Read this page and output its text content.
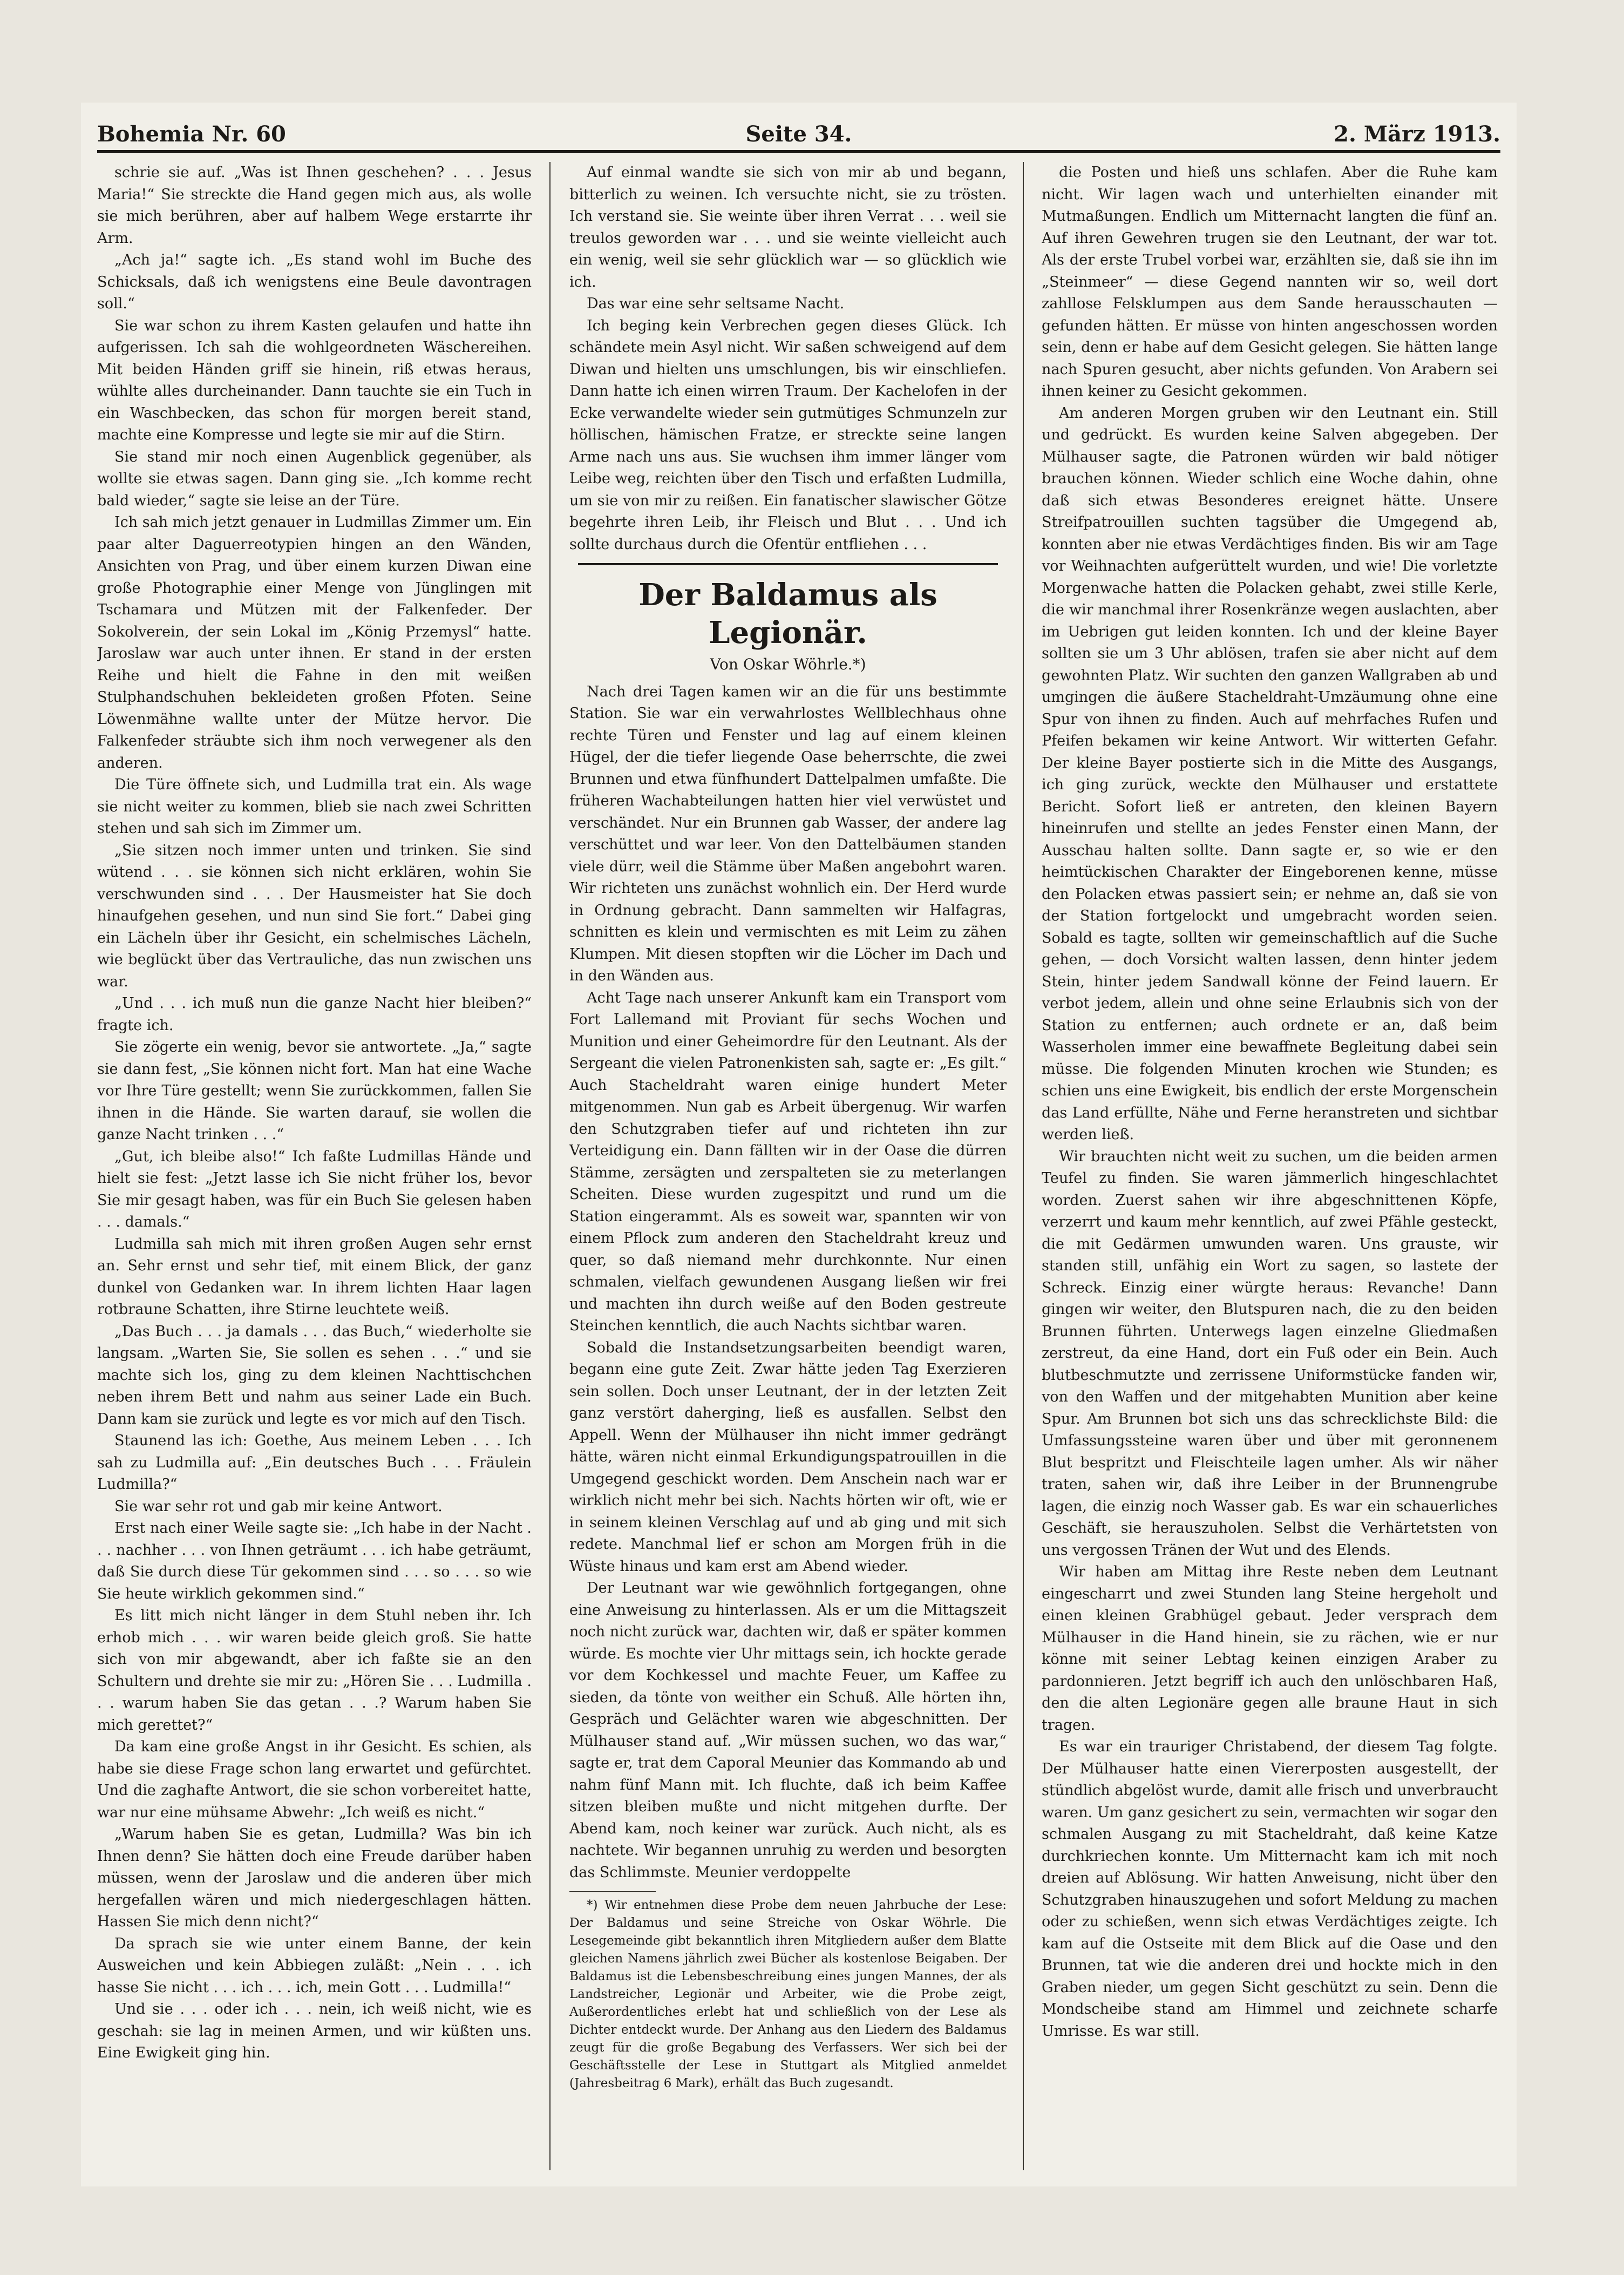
Bohemia Nr. 60	Seite 34.	2. März 1913.

schrie sie auf. „Was ist Ihnen geschehen? . . . Jesus Maria!“ Sie streckte die Hand gegen mich aus, als wolle sie mich berühren, aber auf halbem Wege erstarrte ihr Arm.

„Ach ja!“ sagte ich. „Es stand wohl im Buche des Schicksals, daß ich wenigstens eine Beule davontragen soll.“

Sie war schon zu ihrem Kasten gelaufen und hatte ihn aufgerissen. Ich sah die wohlgeordneten Wäschereihen. Mit beiden Händen griff sie hinein, riß etwas heraus, wühlte alles durcheinander. Dann tauchte sie ein Tuch in ein Waschbecken, das schon für morgen bereit stand, machte eine Kompresse und legte sie mir auf die Stirn.

Sie stand mir noch einen Augenblick gegenüber, als wollte sie etwas sagen. Dann ging sie. „Ich komme recht bald wieder,“ sagte sie leise an der Türe.

Ich sah mich jetzt genauer in Ludmillas Zimmer um. Ein paar alter Daguerreotypien hingen an den Wänden, Ansichten von Prag, und über einem kurzen Diwan eine große Photographie einer Menge von Jünglingen mit Tschamara und Mützen mit der Falkenfeder. Der Sokolverein, der sein Lokal im „König Przemysl“ hatte. Jaroslaw war auch unter ihnen. Er stand in der ersten Reihe und hielt die Fahne in den mit weißen Stulphandschuhen bekleideten großen Pfoten. Seine Löwenmähne wallte unter der Mütze hervor. Die Falkenfeder sträubte sich ihm noch verwegener als den anderen.

Die Türe öffnete sich, und Ludmilla trat ein. Als wage sie nicht weiter zu kommen, blieb sie nach zwei Schritten stehen und sah sich im Zimmer um.

„Sie sitzen noch immer unten und trinken. Sie sind wütend . . . sie können sich nicht erklären, wohin Sie verschwunden sind . . . Der Hausmeister hat Sie doch hinaufgehen gesehen, und nun sind Sie fort.“ Dabei ging ein Lächeln über ihr Gesicht, ein schelmisches Lächeln, wie beglückt über das Vertrauliche, das nun zwischen uns war.

„Und . . . ich muß nun die ganze Nacht hier bleiben?“ fragte ich.

Sie zögerte ein wenig, bevor sie antwortete. „Ja,“ sagte sie dann fest, „Sie können nicht fort. Man hat eine Wache vor Ihre Türe gestellt; wenn Sie zurückkommen, fallen Sie ihnen in die Hände. Sie warten darauf, sie wollen die ganze Nacht trinken . . .“

„Gut, ich bleibe also!“ Ich faßte Ludmillas Hände und hielt sie fest: „Jetzt lasse ich Sie nicht früher los, bevor Sie mir gesagt haben, was für ein Buch Sie gelesen haben . . . damals.“

Ludmilla sah mich mit ihren großen Augen sehr ernst an. Sehr ernst und sehr tief, mit einem Blick, der ganz dunkel von Gedanken war. In ihrem lichten Haar lagen rotbraune Schatten, ihre Stirne leuchtete weiß.

„Das Buch . . . ja damals . . . das Buch,“ wiederholte sie langsam. „Warten Sie, Sie sollen es sehen . . .“ und sie machte sich los, ging zu dem kleinen Nachttischchen neben ihrem Bett und nahm aus seiner Lade ein Buch. Dann kam sie zurück und legte es vor mich auf den Tisch.

Staunend las ich: Goethe, Aus meinem Leben . . . Ich sah zu Ludmilla auf: „Ein deutsches Buch . . . Fräulein Ludmilla?“

Sie war sehr rot und gab mir keine Antwort.

Erst nach einer Weile sagte sie: „Ich habe in der Nacht . . . nachher . . . von Ihnen geträumt . . . ich habe geträumt, daß Sie durch diese Tür gekommen sind . . . so . . . so wie Sie heute wirklich gekommen sind.“

Es litt mich nicht länger in dem Stuhl neben ihr. Ich erhob mich . . . wir waren beide gleich groß. Sie hatte sich von mir abgewandt, aber ich faßte sie an den Schultern und drehte sie mir zu: „Hören Sie . . . Ludmilla . . . warum haben Sie das getan . . .? Warum haben Sie mich gerettet?“

Da kam eine große Angst in ihr Gesicht. Es schien, als habe sie diese Frage schon lang erwartet und gefürchtet. Und die zaghafte Antwort, die sie schon vorbereitet hatte, war nur eine mühsame Abwehr: „Ich weiß es nicht.“

„Warum haben Sie es getan, Ludmilla? Was bin ich Ihnen denn? Sie hätten doch eine Freude darüber haben müssen, wenn der Jaroslaw und die anderen über mich hergefallen wären und mich niedergeschlagen hätten. Hassen Sie mich denn nicht?“

Da sprach sie wie unter einem Banne, der kein Ausweichen und kein Abbiegen zuläßt: „Nein . . . ich hasse Sie nicht . . . ich . . . ich, mein Gott . . . Ludmilla!“

Und sie . . . oder ich . . . nein, ich weiß nicht, wie es geschah: sie lag in meinen Armen, und wir küßten uns. Eine Ewigkeit ging hin.

Auf einmal wandte sie sich von mir ab und begann, bitterlich zu weinen. Ich versuchte nicht, sie zu trösten. Ich verstand sie. Sie weinte über ihren Verrat . . . weil sie treulos geworden war . . . und sie weinte vielleicht auch ein wenig, weil sie sehr glücklich war — so glücklich wie ich.

Das war eine sehr seltsame Nacht.

Ich beging kein Verbrechen gegen dieses Glück. Ich schändete mein Asyl nicht. Wir saßen schweigend auf dem Diwan und hielten uns umschlungen, bis wir einschliefen. Dann hatte ich einen wirren Traum. Der Kachelofen in der Ecke verwandelte wieder sein gutmütiges Schmunzeln zur höllischen, hämischen Fratze, er streckte seine langen Arme nach uns aus. Sie wuchsen ihm immer länger vom Leibe weg, reichten über den Tisch und erfaßten Ludmilla, um sie von mir zu reißen. Ein fanatischer slawischer Götze begehrte ihren Leib, ihr Fleisch und Blut . . . Und ich sollte durchaus durch die Ofentür entfliehen . . .

Der Baldamus als Legionär.
Von Oskar Wöhrle.*)

Nach drei Tagen kamen wir an die für uns bestimmte Station. Sie war ein verwahrlostes Wellblechhaus ohne rechte Türen und Fenster und lag auf einem kleinen Hügel, der die tiefer liegende Oase beherrschte, die zwei Brunnen und etwa fünfhundert Dattelpalmen umfaßte. Die früheren Wachabteilungen hatten hier viel verwüstet und verschändet. Nur ein Brunnen gab Wasser, der andere lag verschüttet und war leer. Von den Dattelbäumen standen viele dürr, weil die Stämme über Maßen angebohrt waren. Wir richteten uns zunächst wohnlich ein. Der Herd wurde in Ordnung gebracht. Dann sammelten wir Halfagras, schnitten es klein und vermischten es mit Leim zu zähen Klumpen. Mit diesen stopften wir die Löcher im Dach und in den Wänden aus.

Acht Tage nach unserer Ankunft kam ein Transport vom Fort Lallemand mit Proviant für sechs Wochen und Munition und einer Geheimordre für den Leutnant. Als der Sergeant die vielen Patronenkisten sah, sagte er: „Es gilt.“ Auch Stacheldraht waren einige hundert Meter mitgenommen. Nun gab es Arbeit übergenug. Wir warfen den Schutzgraben tiefer auf und richteten ihn zur Verteidigung ein. Dann fällten wir in der Oase die dürren Stämme, zersägten und zerspalteten sie zu meterlangen Scheiten. Diese wurden zugespitzt und rund um die Station eingerammt. Als es soweit war, spannten wir von einem Pflock zum anderen den Stacheldraht kreuz und quer, so daß niemand mehr durchkonnte. Nur einen schmalen, vielfach gewundenen Ausgang ließen wir frei und machten ihn durch weiße auf den Boden gestreute Steinchen kenntlich, die auch Nachts sichtbar waren.

Sobald die Instandsetzungsarbeiten beendigt waren, begann eine gute Zeit. Zwar hätte jeden Tag Exerzieren sein sollen. Doch unser Leutnant, der in der letzten Zeit ganz verstört daherging, ließ es ausfallen. Selbst den Appell. Wenn der Mülhauser ihn nicht immer gedrängt hätte, wären nicht einmal Erkundigungspatrouillen in die Umgegend geschickt worden. Dem Anschein nach war er wirklich nicht mehr bei sich. Nachts hörten wir oft, wie er in seinem kleinen Verschlag auf und ab ging und mit sich redete. Manchmal lief er schon am Morgen früh in die Wüste hinaus und kam erst am Abend wieder.

Der Leutnant war wie gewöhnlich fortgegangen, ohne eine Anweisung zu hinterlassen. Als er um die Mittagszeit noch nicht zurück war, dachten wir, daß er später kommen würde. Es mochte vier Uhr mittags sein, ich hockte gerade vor dem Kochkessel und machte Feuer, um Kaffee zu sieden, da tönte von weither ein Schuß. Alle hörten ihn, Gespräch und Gelächter waren wie abgeschnitten. Der Mülhauser stand auf. „Wir müssen suchen, wo das war,“ sagte er, trat dem Caporal Meunier das Kommando ab und nahm fünf Mann mit. Ich fluchte, daß ich beim Kaffee sitzen bleiben mußte und nicht mitgehen durfte. Der Abend kam, noch keiner war zurück. Auch nicht, als es nachtete. Wir begannen unruhig zu werden und besorgten das Schlimmste. Meunier verdoppelte

*) Wir entnehmen diese Probe dem neuen Jahrbuche der Lese: Der Baldamus und seine Streiche von Oskar Wöhrle. Die Lesegemeinde gibt bekanntlich ihren Mitgliedern außer dem Blatte gleichen Namens jährlich zwei Bücher als kostenlose Beigaben. Der Baldamus ist die Lebensbeschreibung eines jungen Mannes, der als Landstreicher, Legionär und Arbeiter, wie die Probe zeigt, Außerordentliches erlebt hat und schließlich von der Lese als Dichter entdeckt wurde. Der Anhang aus den Liedern des Baldamus zeugt für die große Begabung des Verfassers. Wer sich bei der Geschäftsstelle der Lese in Stuttgart als Mitglied anmeldet (Jahresbeitrag 6 Mark), erhält das Buch zugesandt.

die Posten und hieß uns schlafen. Aber die Ruhe kam nicht. Wir lagen wach und unterhielten einander mit Mutmaßungen. Endlich um Mitternacht langten die fünf an. Auf ihren Gewehren trugen sie den Leutnant, der war tot. Als der erste Trubel vorbei war, erzählten sie, daß sie ihn im „Steinmeer“ — diese Gegend nannten wir so, weil dort zahllose Felsklumpen aus dem Sande herausschauten — gefunden hätten. Er müsse von hinten angeschossen worden sein, denn er habe auf dem Gesicht gelegen. Sie hätten lange nach Spuren gesucht, aber nichts gefunden. Von Arabern sei ihnen keiner zu Gesicht gekommen.

Am anderen Morgen gruben wir den Leutnant ein. Still und gedrückt. Es wurden keine Salven abgegeben. Der Mülhauser sagte, die Patronen würden wir bald nötiger brauchen können. Wieder schlich eine Woche dahin, ohne daß sich etwas Besonderes ereignet hätte. Unsere Streifpatrouillen suchten tagsüber die Umgegend ab, konnten aber nie etwas Verdächtiges finden. Bis wir am Tage vor Weihnachten aufgerüttelt wurden, und wie! Die vorletzte Morgenwache hatten die Polacken gehabt, zwei stille Kerle, die wir manchmal ihrer Rosenkränze wegen auslachten, aber im Uebrigen gut leiden konnten. Ich und der kleine Bayer sollten sie um 3 Uhr ablösen, trafen sie aber nicht auf dem gewohnten Platz. Wir suchten den ganzen Wallgraben ab und umgingen die äußere Stacheldraht-Umzäumung ohne eine Spur von ihnen zu finden. Auch auf mehrfaches Rufen und Pfeifen bekamen wir keine Antwort. Wir witterten Gefahr. Der kleine Bayer postierte sich in die Mitte des Ausgangs, ich ging zurück, weckte den Mülhauser und erstattete Bericht. Sofort ließ er antreten, den kleinen Bayern hineinrufen und stellte an jedes Fenster einen Mann, der Ausschau halten sollte. Dann sagte er, so wie er den heimtückischen Charakter der Eingeborenen kenne, müsse den Polacken etwas passiert sein; er nehme an, daß sie von der Station fortgelockt und umgebracht worden seien. Sobald es tagte, sollten wir gemeinschaftlich auf die Suche gehen, — doch Vorsicht walten lassen, denn hinter jedem Stein, hinter jedem Sandwall könne der Feind lauern. Er verbot jedem, allein und ohne seine Erlaubnis sich von der Station zu entfernen; auch ordnete er an, daß beim Wasserholen immer eine bewaffnete Begleitung dabei sein müsse. Die folgenden Minuten krochen wie Stunden; es schien uns eine Ewigkeit, bis endlich der erste Morgenschein das Land erfüllte, Nähe und Ferne heranstreten und sichtbar werden ließ.

Wir brauchten nicht weit zu suchen, um die beiden armen Teufel zu finden. Sie waren jämmerlich hingeschlachtet worden. Zuerst sahen wir ihre abgeschnittenen Köpfe, verzerrt und kaum mehr kenntlich, auf zwei Pfähle gesteckt, die mit Gedärmen umwunden waren. Uns grauste, wir standen still, unfähig ein Wort zu sagen, so lastete der Schreck. Einzig einer würgte heraus: Revanche! Dann gingen wir weiter, den Blutspuren nach, die zu den beiden Brunnen führten. Unterwegs lagen einzelne Gliedmaßen zerstreut, da eine Hand, dort ein Fuß oder ein Bein. Auch blutbeschmutzte und zerrissene Uniformstücke fanden wir, von den Waffen und der mitgehabten Munition aber keine Spur. Am Brunnen bot sich uns das schrecklichste Bild: die Umfassungssteine waren über und über mit geronnenem Blut bespritzt und Fleischteile lagen umher. Als wir näher traten, sahen wir, daß ihre Leiber in der Brunnengrube lagen, die einzig noch Wasser gab. Es war ein schauerliches Geschäft, sie herauszuholen. Selbst die Verhärtetsten von uns vergossen Tränen der Wut und des Elends.

Wir haben am Mittag ihre Reste neben dem Leutnant eingescharrt und zwei Stunden lang Steine hergeholt und einen kleinen Grabhügel gebaut. Jeder versprach dem Mülhauser in die Hand hinein, sie zu rächen, wie er nur könne mit seiner Lebtag keinen einzigen Araber zu pardonnieren. Jetzt begriff ich auch den unlöschbaren Haß, den die alten Legionäre gegen alle braune Haut in sich tragen.

Es war ein trauriger Christabend, der diesem Tag folgte. Der Mülhauser hatte einen Viererposten ausgestellt, der stündlich abgelöst wurde, damit alle frisch und unverbraucht waren. Um ganz gesichert zu sein, vermachten wir sogar den schmalen Ausgang zu mit Stacheldraht, daß keine Katze durchkriechen konnte. Um Mitternacht kam ich mit noch dreien auf Ablösung. Wir hatten Anweisung, nicht über den Schutzgraben hinauszugehen und sofort Meldung zu machen oder zu schießen, wenn sich etwas Verdächtiges zeigte. Ich kam auf die Ostseite mit dem Blick auf die Oase und den Brunnen, tat wie die anderen drei und hockte mich in den Graben nieder, um gegen Sicht geschützt zu sein. Denn die Mondscheibe stand am Himmel und zeichnete scharfe Umrisse. Es war still.
